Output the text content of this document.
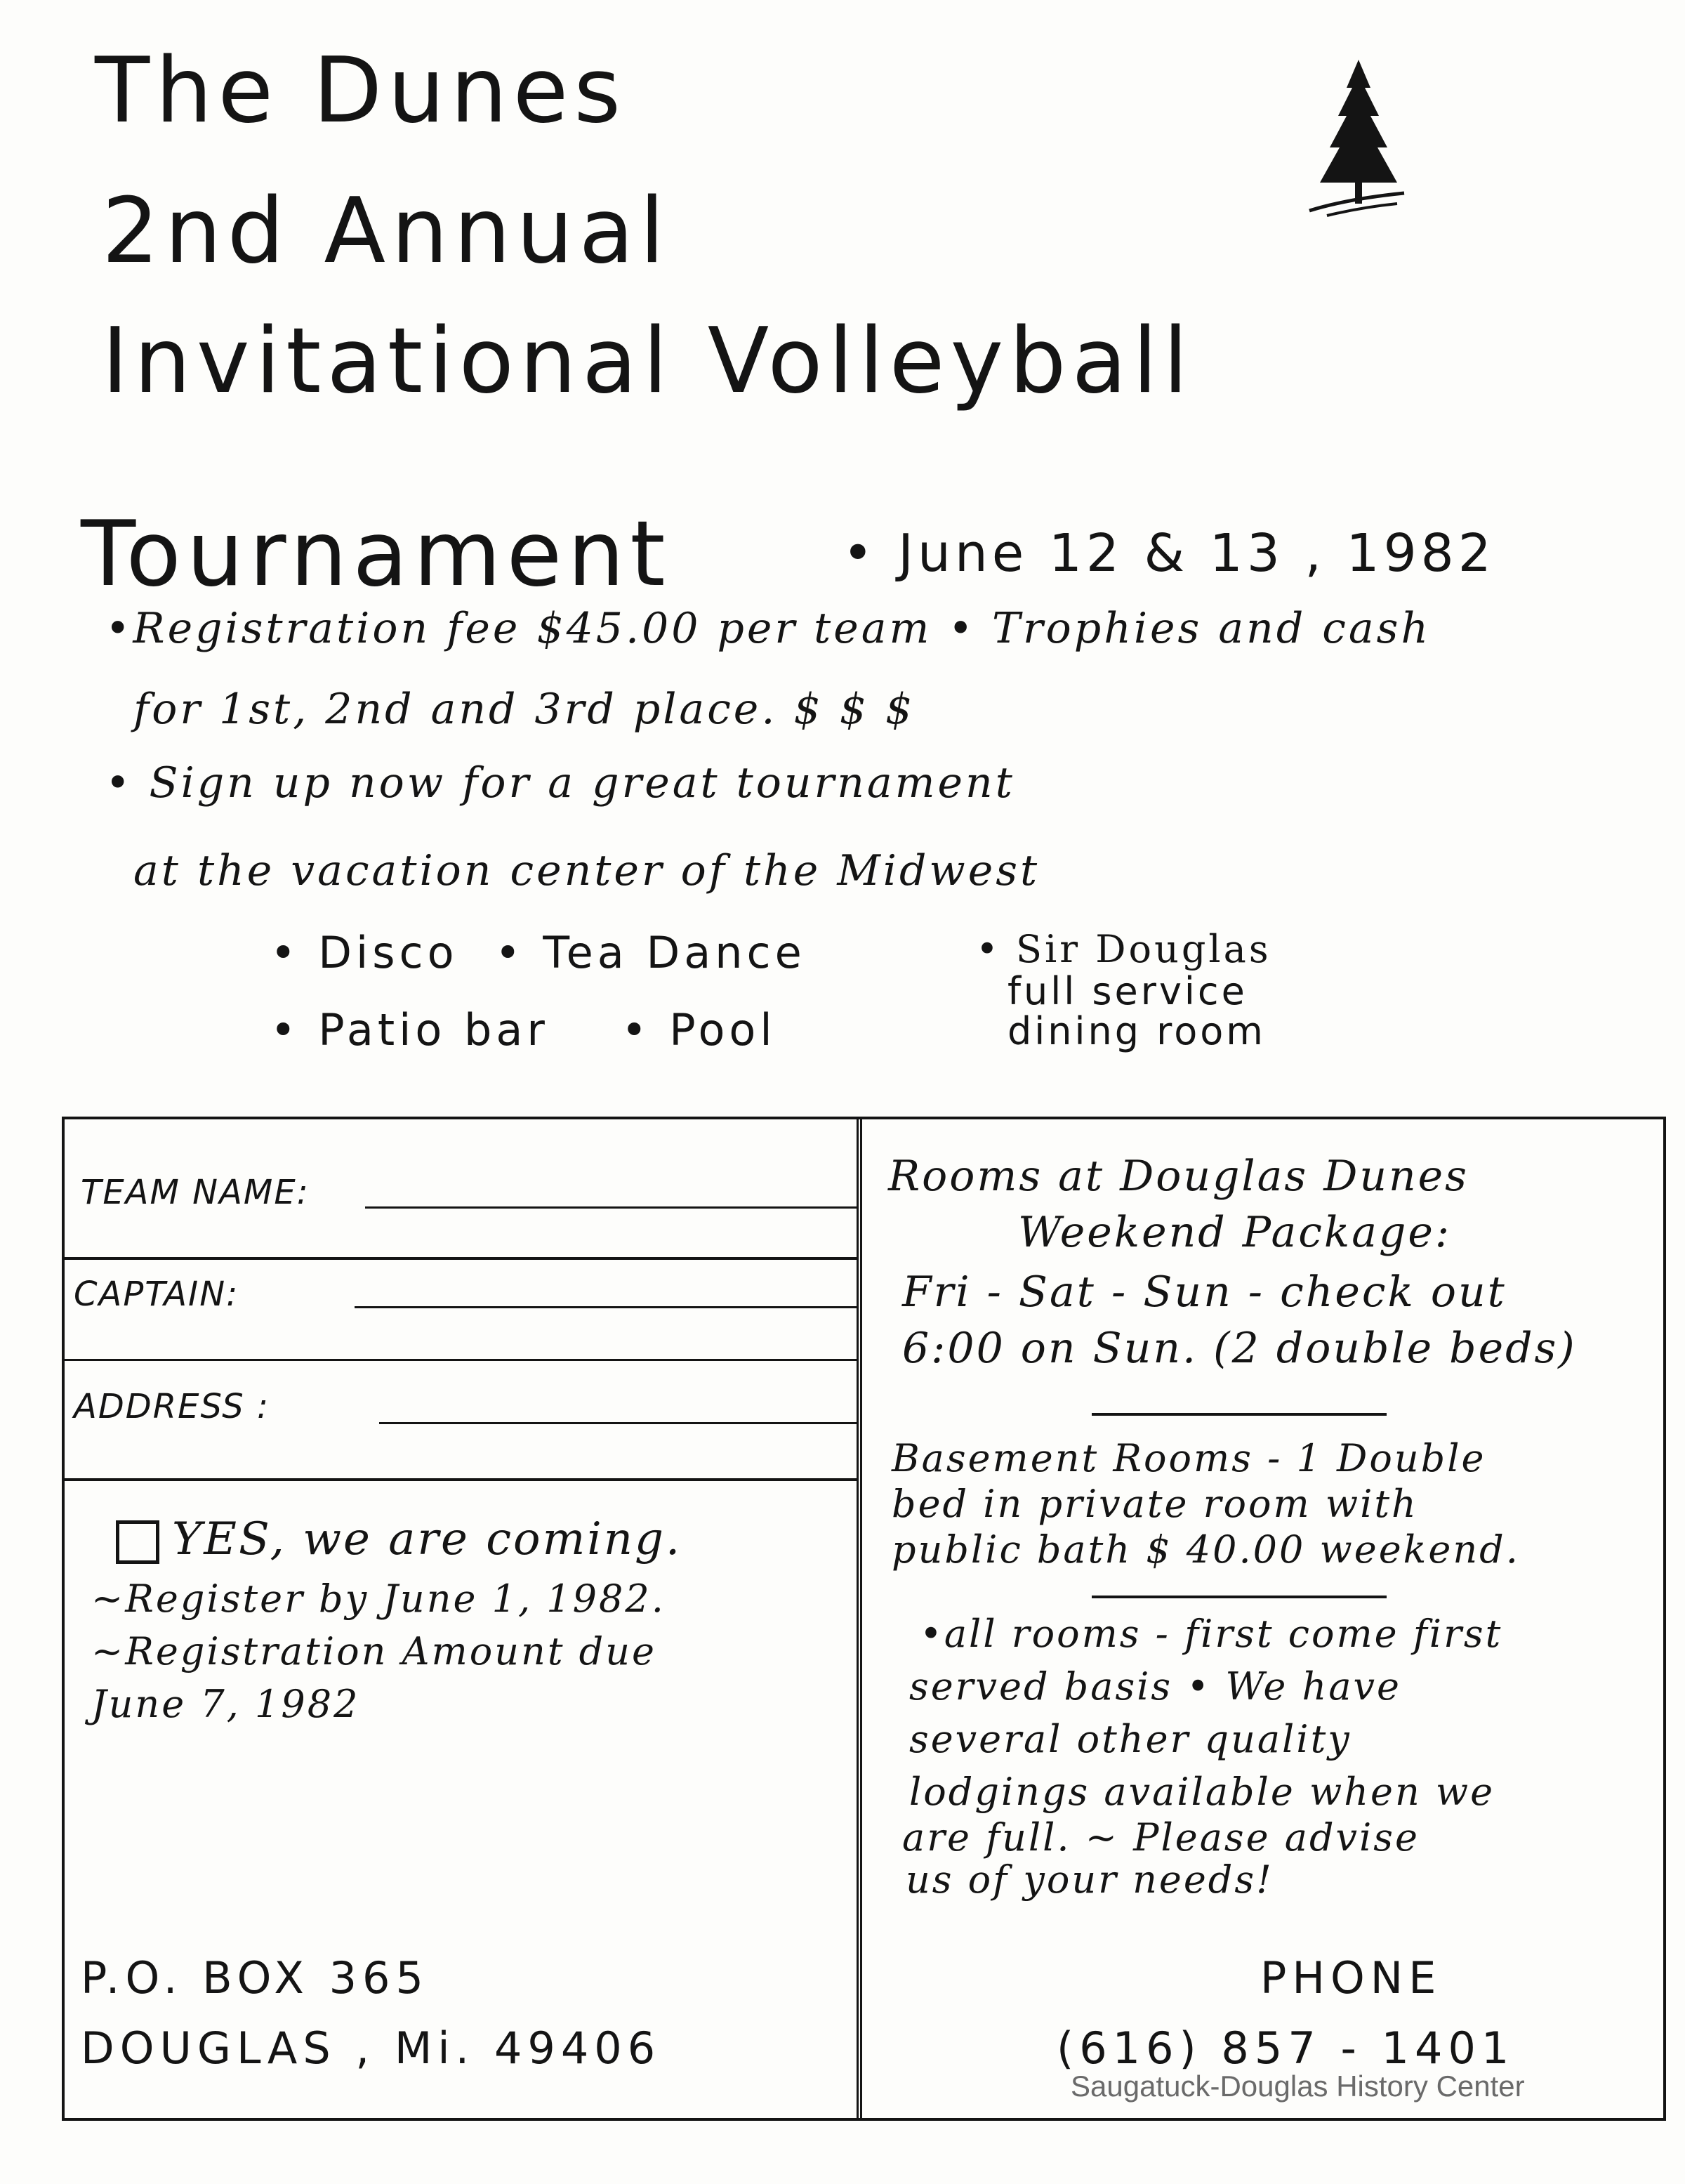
The Dunes
2nd Annual
Invitational Volleyball
Tournament	• June 12 & 13 , 1982
•Registration fee $45.00 per team • Trophies and cash
for 1st, 2nd and 3rd place. $ $ $
• Sign up now for a great tournament
at the vacation center of the Midwest
• Disco • Tea Dance
• Patio bar • Pool
• Sir Douglas
full service
dining room
TEAM NAME:
CAPTAIN:
ADDRESS :
YES, we are coming.
~Register by June 1, 1982.
~Registration Amount due
June 7, 1982
P.O. BOX 365
DOUGLAS , Mi. 49406
Rooms at Douglas Dunes
Weekend Package:
Fri - Sat - Sun - check out
6:00 on Sun. (2 double beds)
Basement Rooms - 1 Double
bed in private room with
public bath $ 40.00 weekend.
•all rooms - first come first
served basis • We have
several other quality
lodgings available when we
are full. ~ Please advise
us of your needs!
PHONE
(616) 857 - 1401
Saugatuck-Douglas History Center
